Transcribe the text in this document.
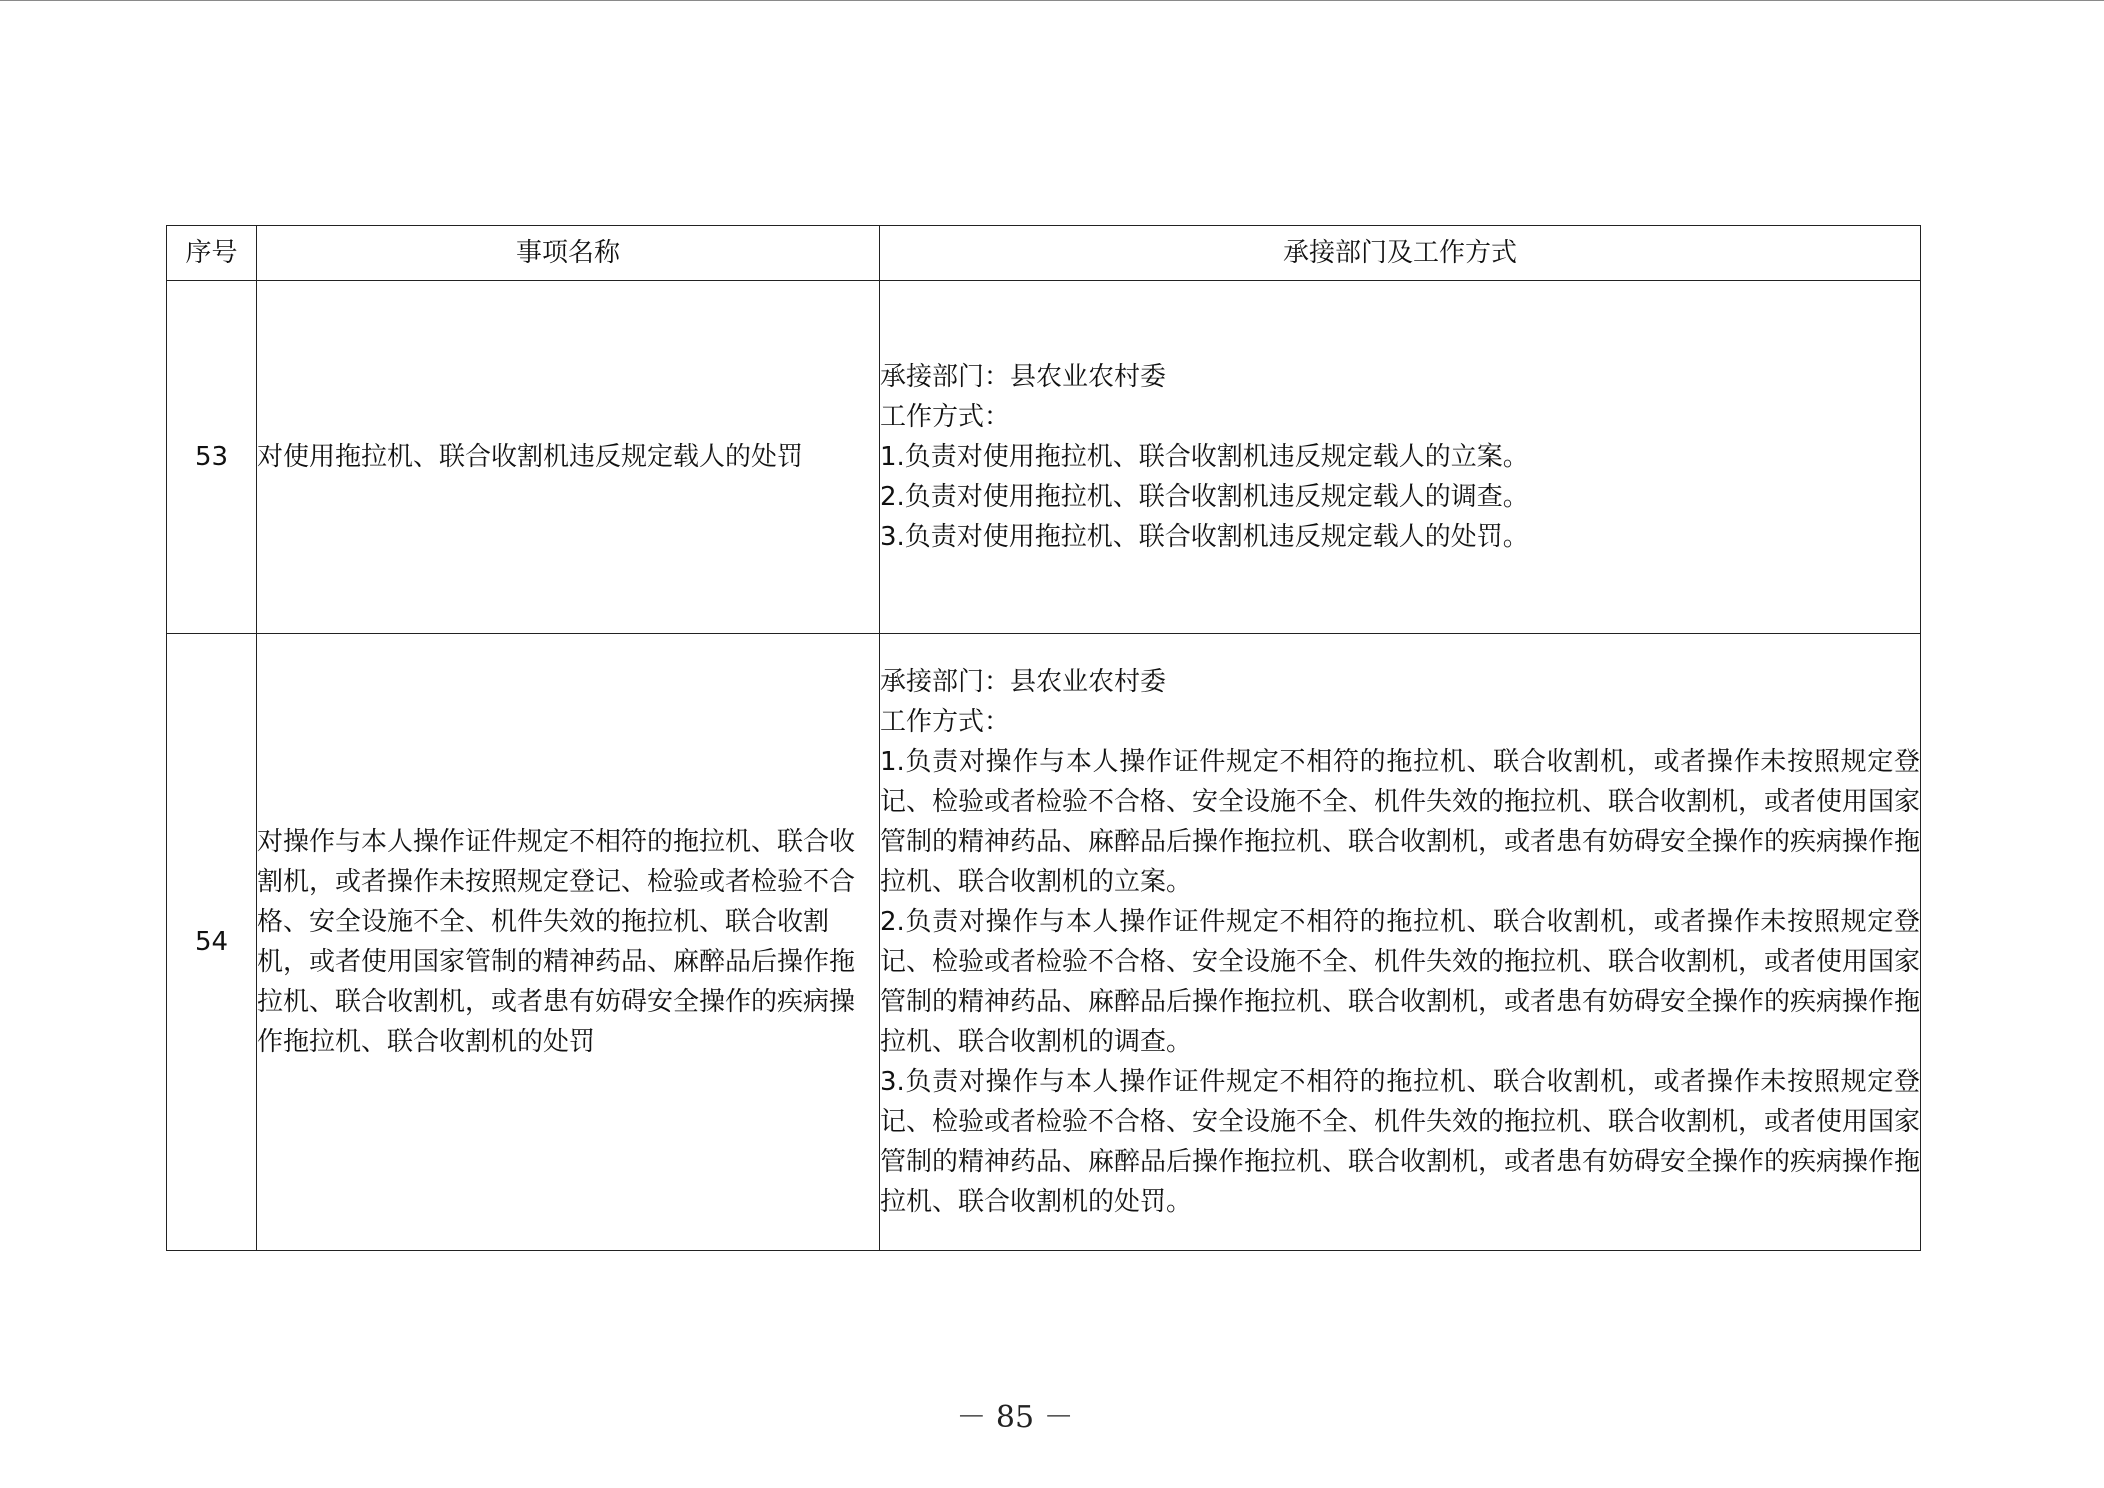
序号	事项名称	承接部门及工作方式
53	对使用拖拉机、联合收割机违反规定载人的处罚	承接部门：县农业农村委
工作方式：
1.负责对使用拖拉机、联合收割机违反规定载人的立案。
2.负责对使用拖拉机、联合收割机违反规定载人的调查。
3.负责对使用拖拉机、联合收割机违反规定载人的处罚。

54	对操作与本人操作证件规定不相符的拖拉机、联合收割机，或者操作未按照规定登记、检验或者检验不合格、安全设施不全、机件失效的拖拉机、联合收割机，或者使用国家管制的精神药品、麻醉品后操作拖拉机、联合收割机，或者患有妨碍安全操作的疾病操作拖拉机、联合收割机的处罚	承接部门：县农业农村委
工作方式：
1.负责对操作与本人操作证件规定不相符的拖拉机、联合收割机，或者操作未按照规定登记、检验或者检验不合格、安全设施不全、机件失效的拖拉机、联合收割机，或者使用国家管制的精神药品、麻醉品后操作拖拉机、联合收割机，或者患有妨碍安全操作的疾病操作拖拉机、联合收割机的立案。
2.负责对操作与本人操作证件规定不相符的拖拉机、联合收割机，或者操作未按照规定登记、检验或者检验不合格、安全设施不全、机件失效的拖拉机、联合收割机，或者使用国家管制的精神药品、麻醉品后操作拖拉机、联合收割机，或者患有妨碍安全操作的疾病操作拖拉机、联合收割机的调查。
3.负责对操作与本人操作证件规定不相符的拖拉机、联合收割机，或者操作未按照规定登记、检验或者检验不合格、安全设施不全、机件失效的拖拉机、联合收割机，或者使用国家管制的精神药品、麻醉品后操作拖拉机、联合收割机，或者患有妨碍安全操作的疾病操作拖拉机、联合收割机的处罚。
－ 85 －
